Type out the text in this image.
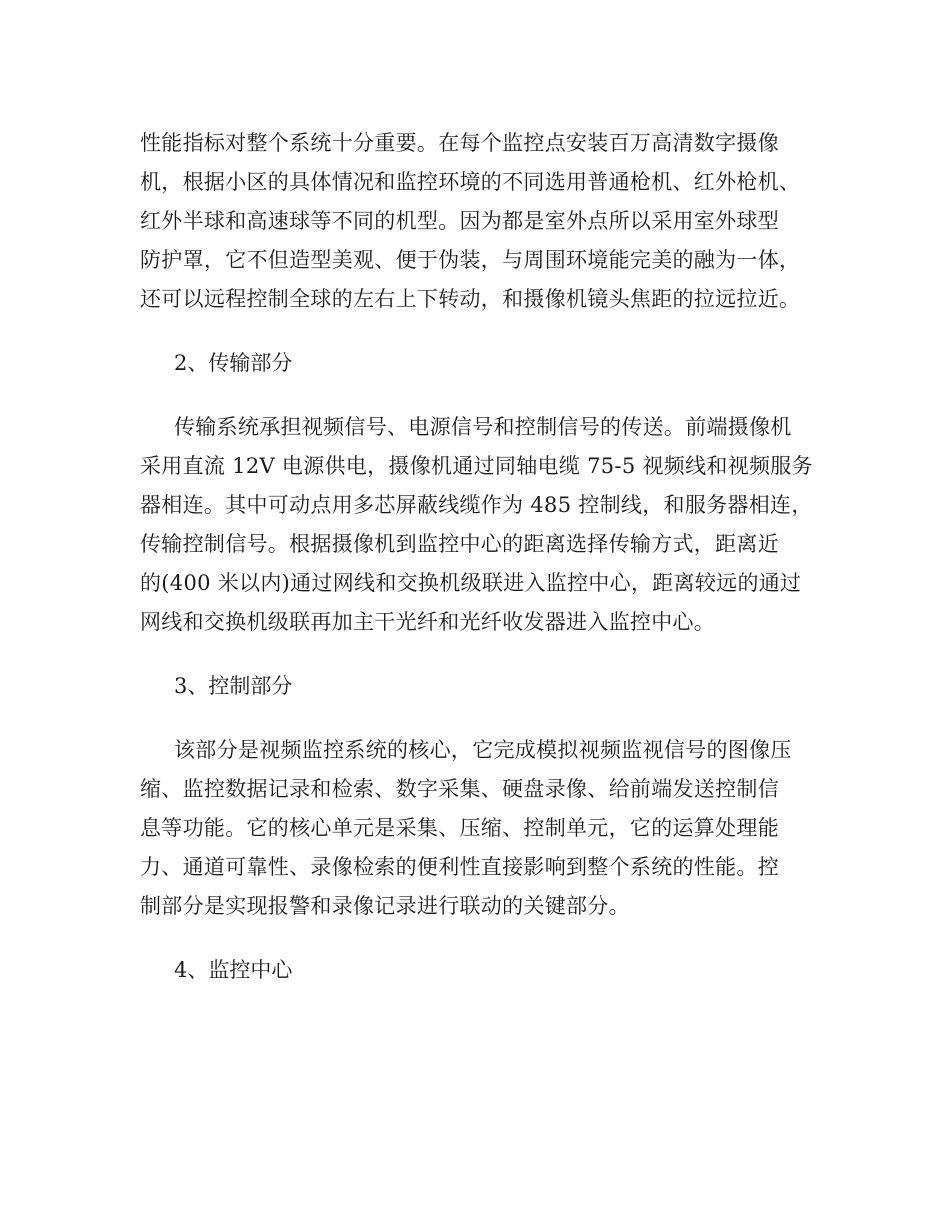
性能指标对整个系统十分重要。在每个监控点安装百万高清数字摄像
机，根据小区的具体情况和监控环境的不同选用普通枪机、红外枪机、
红外半球和高速球等不同的机型。因为都是室外点所以采用室外球型
防护罩，它不但造型美观、便于伪装，与周围环境能完美的融为一体，
还可以远程控制全球的左右上下转动，和摄像机镜头焦距的拉远拉近。

2、传输部分

传输系统承担视频信号、电源信号和控制信号的传送。前端摄像机
采用直流 12V 电源供电，摄像机通过同轴电缆 75-5 视频线和视频服务
器相连。其中可动点用多芯屏蔽线缆作为 485 控制线，和服务器相连，
传输控制信号。根据摄像机到监控中心的距离选择传输方式，距离近
的(400 米以内)通过网线和交换机级联进入监控中心，距离较远的通过
网线和交换机级联再加主干光纤和光纤收发器进入监控中心。

3、控制部分

该部分是视频监控系统的核心，它完成模拟视频监视信号的图像压
缩、监控数据记录和检索、数字采集、硬盘录像、给前端发送控制信
息等功能。它的核心单元是采集、压缩、控制单元，它的运算处理能
力、通道可靠性、录像检索的便利性直接影响到整个系统的性能。控
制部分是实现报警和录像记录进行联动的关键部分。

4、监控中心
